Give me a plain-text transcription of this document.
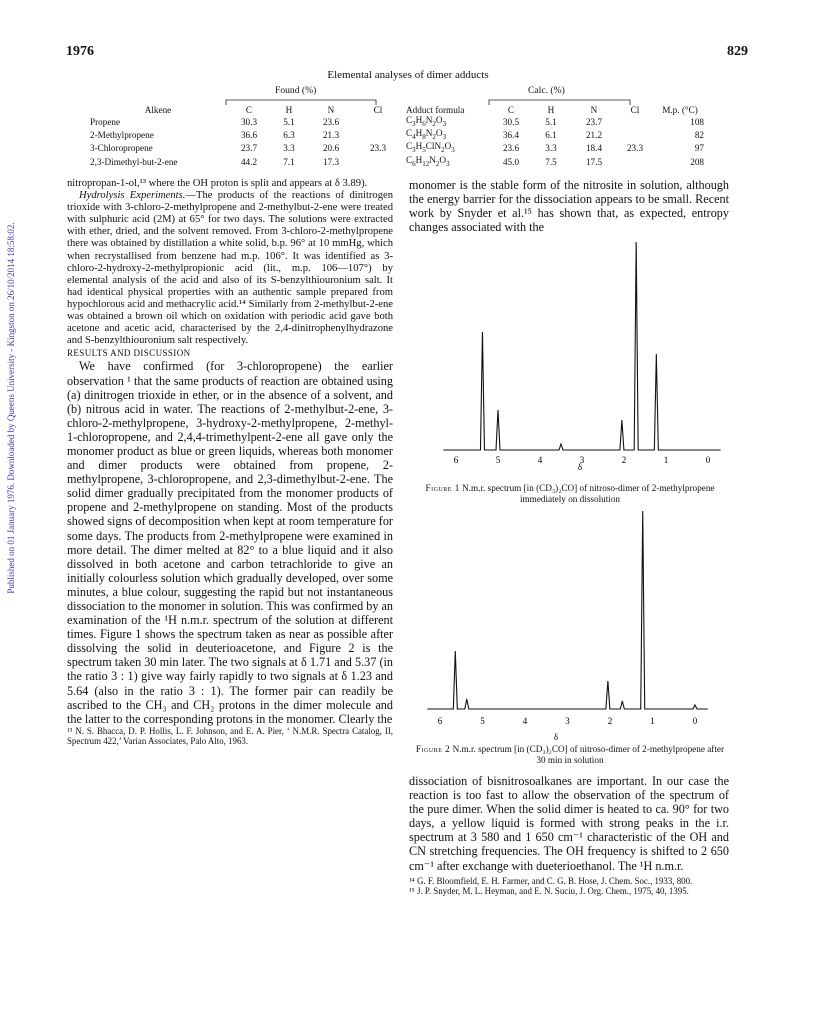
1976	829
Published on 01 January 1976. Downloaded by Queens University - Kingston on 26/10/2014 18:58:02.
Elemental analyses of dimer adducts
Found (%)	Calc. (%)
Alkene	C	H	N	Cl	Adduct formula	C	H	N	Cl	M.p. (°C)
Propene	30.3	5.1	23.6		$C_3H_6N_2O_3$	30.5	5.1	23.7		108
2-Methylpropene	36.6	6.3	21.3		$C_4H_8N_2O_3$	36.4	6.1	21.2		82
3-Chloropropene	23.7	3.3	20.6	23.3	$C_3H_5ClN_2O_3$	23.6	3.3	18.4	23.3	97
2,3-Dimethyl-but-2-ene	44.2	7.1	17.3		$C_6H_{12}N_2O_3$	45.0	7.5	17.5		208

nitropropan-1-ol,¹³ where the OH proton is split and appears at δ 3.89).

Hydrolysis Experiments.—The products of the reactions of dinitrogen trioxide with 3-chloro-2-methylpropene and 2-methylbut-2-ene were treated with sulphuric acid (2M) at 65° for two days. The solutions were extracted with ether, dried, and the solvent removed. From 3-chloro-2-methylpropene there was obtained by distillation a white solid, b.p. 96° at 10 mmHg, which when recrystallised from benzene had m.p. 106°. It was identified as 3-chloro-2-hydroxy-2-methylpropionic acid (lit., m.p. 106—107°) by elemental analysis of the acid and also of its S-benzylthiouronium salt. It had identical physical properties with an authentic sample prepared from hypochlorous acid and methacrylic acid.¹⁴ Similarly from 2-methylbut-2-ene was obtained a brown oil which on oxidation with periodic acid gave both acetone and acetic acid, characterised by the 2,4-dinitrophenylhydrazone and S-benzylthiouronium salt respectively.

RESULTS AND DISCUSSION

We have confirmed (for 3-chloropropene) the earlier observation ¹ that the same products of reaction are obtained using (a) dinitrogen trioxide in ether, or in the absence of a solvent, and (b) nitrous acid in water. The reactions of 2-methylbut-2-ene, 3-chloro-2-methylpropene, 3-hydroxy-2-methylpropene, 2-methyl-1-chloropropene, and 2,4,4-trimethylpent-2-ene all gave only the monomer product as blue or green liquids, whereas both monomer and dimer products were obtained from propene, 2-methylpropene, 3-chloropropene, and 2,3-dimethylbut-2-ene. The solid dimer gradually precipitated from the monomer products of propene and 2-methylpropene on standing. Most of the products showed signs of decomposition when kept at room temperature for some days. The products from 2-methylpropene were examined in more detail. The dimer melted at 82° to a blue liquid and it also dissolved in both acetone and carbon tetrachloride to give an initially colourless solution which gradually developed, over some minutes, a blue colour, suggesting the rapid but not instantaneous dissociation to the monomer in solution. This was confirmed by an examination of the ¹H n.m.r. spectrum of the solution at different times. Figure 1 shows the spectrum taken as near as possible after dissolving the solid in deuterioacetone, and Figure 2 is the spectrum taken 30 min later. The two signals at δ 1.71 and 5.37 (in the ratio 3 : 1) give way fairly rapidly to two signals at δ 1.23 and 5.64 (also in the ratio 3 : 1). The former pair can readily be ascribed to the CH₃ and CH₂ protons in the dimer molecule and the latter to the corresponding protons in the monomer. Clearly the

¹³ N. S. Bhacca, D. P. Hollis, L. F. Johnson, and E. A. Pier, ‘ N.M.R. Spectra Catalog, II, Spectrum 422,’ Varian Associates, Palo Alto, 1963.

monomer is the stable form of the nitrosite in solution, although the energy barrier for the dissociation appears to be small. Recent work by Snyder et al.¹⁵ has shown that, as expected, entropy changes associated with the

6	5	4	3	2	1	0
δ
Figure 1 N.m.r. spectrum [in (CD₃)₂CO] of nitroso-dimer of 2-methylpropene immediately on dissolution
6	5	4	3	2	1	0
δ
Figure 2 N.m.r. spectrum [in (CD₃)₂CO] of nitroso-dimer of 2-methylpropene after 30 min in solution

dissociation of bisnitrosoalkanes are important. In our case the reaction is too fast to allow the observation of the spectrum of the pure dimer. When the solid dimer is heated to ca. 90° for two days, a yellow liquid is formed with strong peaks in the i.r. spectrum at 3 580 and 1 650 cm⁻¹ characteristic of the OH and CN stretching frequencies. The OH frequency is shifted to 2 650 cm⁻¹ after exchange with dueterioethanol. The ¹H n.m.r.

¹⁴ G. F. Bloomfield, E. H. Farmer, and C. G. B. Hose, J. Chem. Soc., 1933, 800.

¹⁵ J. P. Snyder, M. L. Heyman, and E. N. Suciu, J. Org. Chem., 1975, 40, 1395.
